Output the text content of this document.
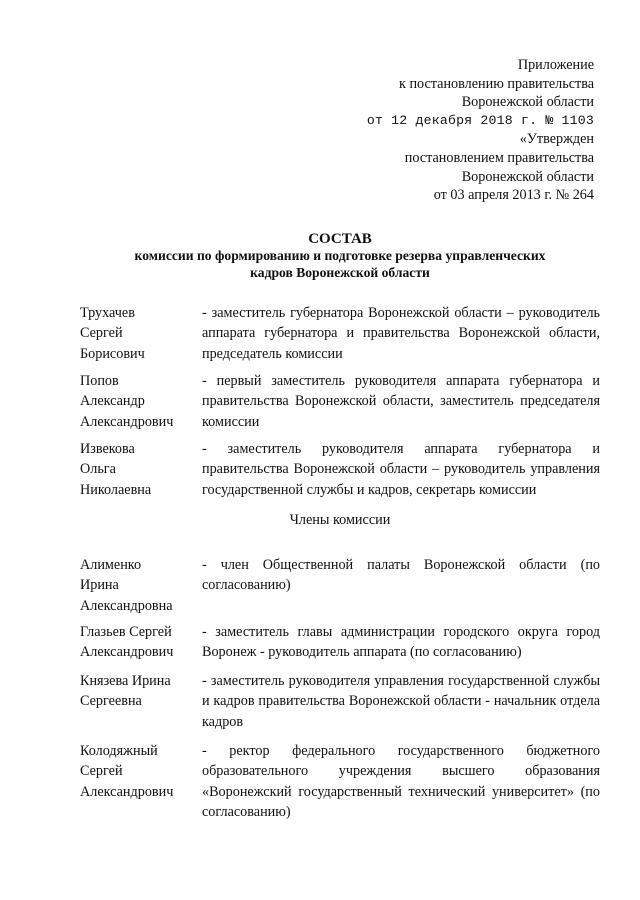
Приложение
к постановлению правительства
Воронежской области
от 12 декабря 2018 г. № 1103
«Утвержден
постановлением правительства
Воронежской области
от 03 апреля 2013 г. № 264
СОСТАВ
комиссии по формированию и подготовке резерва управленческих
кадров Воронежской области
Трухачев
Сергей
Борисович
- заместитель губернатора Воронежской области – руководитель аппарата губернатора и правительства Воронежской области, председатель комиссии
Попов
Александр
Александрович
- первый заместитель руководителя аппарата губернатора и правительства Воронежской области, заместитель председателя комиссии
Извекова
Ольга
Николаевна
- заместитель руководителя аппарата губернатора и правительства Воронежской области – руководитель управления государственной службы и кадров, секретарь комиссии
Члены комиссии
Алименко
Ирина
Александровна
- член Общественной палаты Воронежской области (по согласованию)
Глазьев Сергей
Александрович
- заместитель главы администрации городского округа город Воронеж - руководитель аппарата (по согласованию)
Князева Ирина
Сергеевна
- заместитель руководителя управления государственной службы и кадров правительства Воронежской области - начальник отдела кадров
Колодяжный
Сергей
Александрович
- ректор федерального государственного бюджетного образовательного учреждения высшего образования «Воронежский государственный технический университет» (по согласованию)
